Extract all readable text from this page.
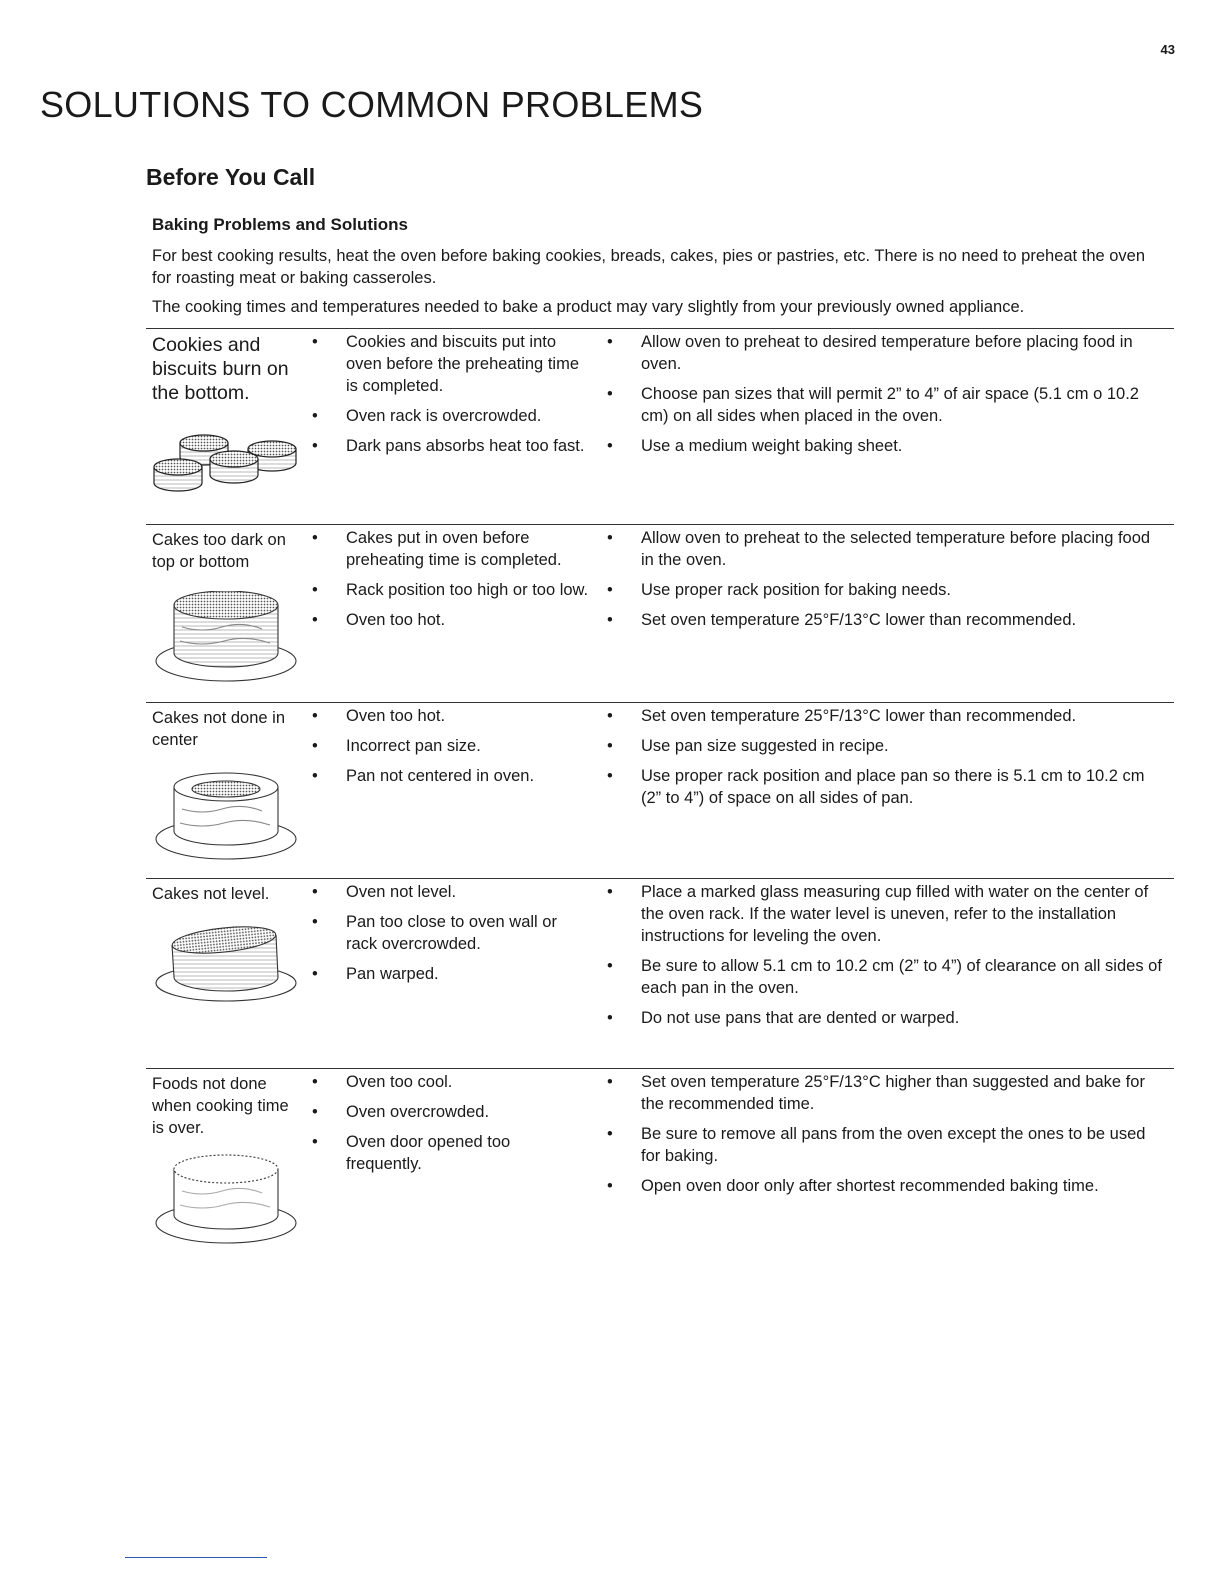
43
SOLUTIONS TO COMMON PROBLEMS
Before You Call
Baking Problems and Solutions

For best cooking results, heat the oven before baking cookies, breads, cakes, pies or pastries, etc. There is no need to preheat the oven for roasting meat or baking casseroles.

The cooking times and temperatures needed to bake a product may vary slightly from your previously owned appliance.

Cookies and biscuits burn on the bottom.
• Cookies and biscuits put into oven before the preheating time is completed.
• Oven rack is overcrowded.
• Dark pans absorbs heat too fast.
• Allow oven to preheat to desired temperature before placing food in oven.
• Choose pan sizes that will permit 2” to 4” of air space (5.1 cm o 10.2 cm) on all sides when placed in the oven.
• Use a medium weight baking sheet.
Cakes too dark on top or bottom
• Cakes put in oven before preheating time is completed.
• Rack position too high or too low.
• Oven too hot.
• Allow oven to preheat to the selected temperature before placing food in the oven.
• Use proper rack position for baking needs.
• Set oven temperature 25°F/13°C lower than recommended.
Cakes not done in center
• Oven too hot.
• Incorrect pan size.
• Pan not centered in oven.
• Set oven temperature 25°F/13°C lower than recommended.
• Use pan size suggested in recipe.
• Use proper rack position and place pan so there is 5.1 cm to 10.2 cm (2” to 4”) of space on all sides of pan.
Cakes not level.	• Oven not level.
• Pan too close to oven wall or rack overcrowded.
• Pan warped.
• Place a marked glass measuring cup filled with water on the center of the oven rack. If the water level is uneven, refer to the installation instructions for leveling the oven.
• Be sure to allow 5.1 cm to 10.2 cm (2” to 4”) of clearance on all sides of each pan in the oven.
• Do not use pans that are dented or warped.
Foods not done when cooking time is over.
• Oven too cool.
• Oven overcrowded.
• Oven door opened too frequently.
• Set oven temperature 25°F/13°C higher than suggested and bake for the recommended time.
• Be sure to remove all pans from the oven except the ones to be used for baking.
• Open oven door only after shortest recommended baking time.
